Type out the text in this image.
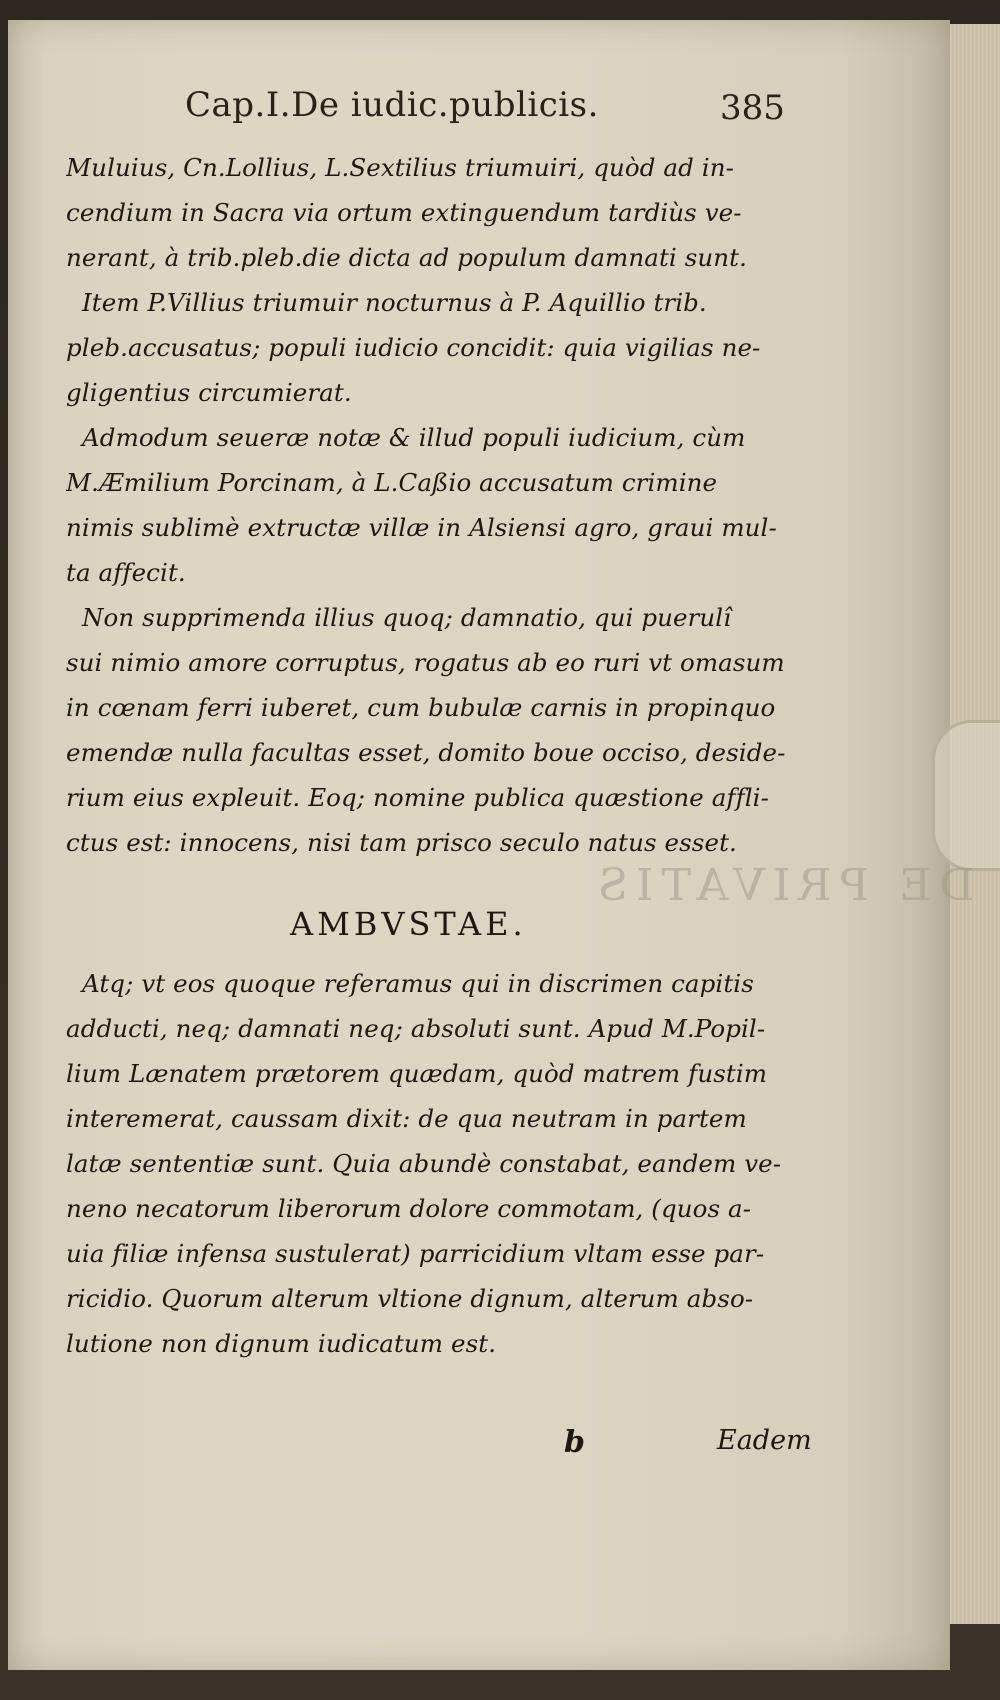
DE PRIVATIS
Cap.I.De iudic.publicis.	385
Muluius, Cn.Lollius, L.Sextilius triumuiri, quòd ad in-
cendium in Sacra via ortum extinguendum tardiùs ve-
nerant, à trib.pleb.die dicta ad populum damnati sunt.
Item P.Villius triumuir nocturnus à P. Aquillio trib.
pleb.accusatus; populi iudicio concidit: quia vigilias ne-
gligentius circumierat.
Admodum seueræ notæ & illud populi iudicium, cùm
M.Æmilium Porcinam, à L.Caßio accusatum crimine
nimis sublimè extructæ villæ in Alsiensi agro, graui mul-
ta affecit.
Non supprimenda illius quoq; damnatio, qui puerulî
sui nimio amore corruptus, rogatus ab eo ruri vt omasum
in cœnam ferri iuberet, cum bubulæ carnis in propinquo
emendæ nulla facultas esset, domito boue occiso, deside-
rium eius expleuit. Eoq; nomine publica quæstione affli-
ctus est: innocens, nisi tam prisco seculo natus esset.
AMBVSTAE.
Atq; vt eos quoque referamus qui in discrimen capitis
adducti, neq; damnati neq; absoluti sunt. Apud M.Popil-
lium Lænatem prætorem quædam, quòd matrem fustim
interemerat, caussam dixit: de qua neutram in partem
latæ sententiæ sunt. Quia abundè constabat, eandem ve-
neno necatorum liberorum dolore commotam, (quos a-
uia filiæ infensa sustulerat) parricidium vltam esse par-
ricidio. Quorum alterum vltione dignum, alterum abso-
lutione non dignum iudicatum est.
b	Eadem
